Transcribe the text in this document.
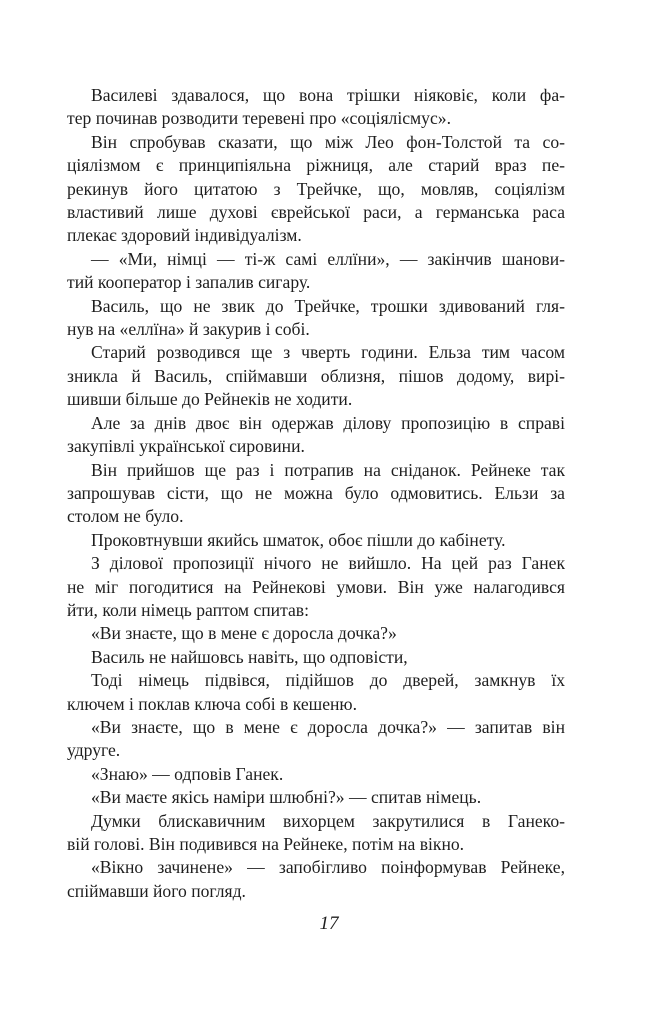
Василеві здавалося, що вона трішки ніяковіє, коли фа-
тер починав розводити теревені про «соціялісмус».
Він спробував сказати, що між Лео фон-Толстой та со-
ціялізмом є принципіяльна ріжниця, але старий враз пе-
рекинув його цитатою з Трейчке, що, мовляв, соціялізм
властивий лише духові єврейської раси, а германська раса
плекає здоровий індивідуалізм.
— «Ми, німці — ті-ж самі еллїни», — закінчив шанови-
тий кооператор і запалив сигару.
Василь, що не звик до Трейчке, трошки здивований гля-
нув на «еллїна» й закурив і собі.
Старий розводився ще з чверть години. Ельза тим часом
зникла й Василь, спіймавши облизня, пішов додому, вирі-
шивши більше до Рейнеків не ходити.
Але за днів двоє він одержав ділову пропозицію в справі
закупівлі української сировини.
Він прийшов ще раз і потрапив на сніданок. Рейнеке так
запрошував сісти, що не можна було одмовитись. Ельзи за
столом не було.
Проковтнувши якийсь шматок, обоє пішли до кабінету.
З ділової пропозиції нічого не вийшло. На цей раз Ганек
не міг погодитися на Рейнекові умови. Він уже налагодився
йти, коли німець раптом спитав:
«Ви знаєте, що в мене є доросла дочка?»
Василь не найшовсь навіть, що одповісти,
Тоді німець підвівся, підійшов до дверей, замкнув їх
ключем і поклав ключа собі в кешеню.
«Ви знаєте, що в мене є доросла дочка?» — запитав він
удруге.
«Знаю» — одповів Ганек.
«Ви маєте якісь наміри шлюбні?» — спитав німець.
Думки блискавичним вихорцем закрутилися в Ганеко-
вій голові. Він подивився на Рейнеке, потім на вікно.
«Вікно зачинене» — запобігливо поінформував Рейнеке,
спіймавши його погляд.
17
